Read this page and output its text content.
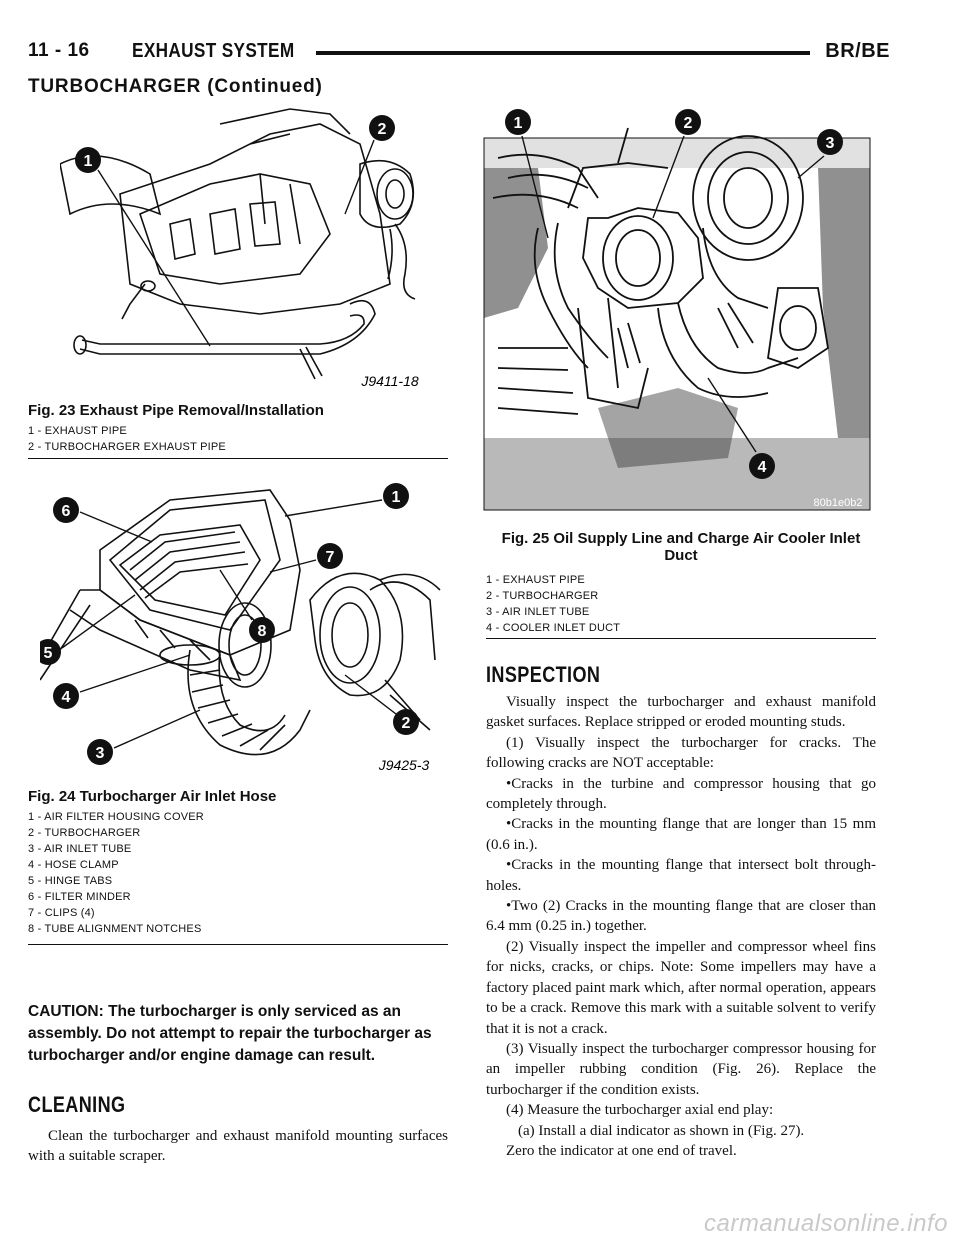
11 - 16 EXHAUST SYSTEM	BR/BE
TURBOCHARGER (Continued)
1
2
J9411-18
Fig. 23 Exhaust Pipe Removal/Installation
1 - EXHAUST PIPE
2 - TURBOCHARGER EXHAUST PIPE
1
2
3
4
5
6
7
8
J9425-3
Fig. 24 Turbocharger Air Inlet Hose
1 - AIR FILTER HOUSING COVER
2 - TURBOCHARGER
3 - AIR INLET TUBE
4 - HOSE CLAMP
5 - HINGE TABS
6 - FILTER MINDER
7 - CLIPS (4)
8 - TUBE ALIGNMENT NOTCHES
CAUTION: The turbocharger is only serviced as an assembly. Do not attempt to repair the turbocharger as turbocharger and/or engine damage can result.
CLEANING

Clean the turbocharger and exhaust manifold mounting surfaces with a suitable scraper.

1	2
3
4
80b1e0b2
Fig. 25 Oil Supply Line and Charge Air Cooler Inlet
Duct
1 - EXHAUST PIPE
2 - TURBOCHARGER
3 - AIR INLET TUBE
4 - COOLER INLET DUCT
INSPECTION

Visually inspect the turbocharger and exhaust manifold gasket surfaces. Replace stripped or eroded mounting studs.

(1) Visually inspect the turbocharger for cracks. The following cracks are NOT acceptable:

•Cracks in the turbine and compressor housing that go completely through.

•Cracks in the mounting flange that are longer than 15 mm (0.6 in.).

•Cracks in the mounting flange that intersect bolt through-holes.

•Two (2) Cracks in the mounting flange that are closer than 6.4 mm (0.25 in.) together.

(2) Visually inspect the impeller and compressor wheel fins for nicks, cracks, or chips. Note: Some impellers may have a factory placed paint mark which, after normal operation, appears to be a crack. Remove this mark with a suitable solvent to verify that it is not a crack.

(3) Visually inspect the turbocharger compressor housing for an impeller rubbing condition (Fig. 26). Replace the turbocharger if the condition exists.

(4) Measure the turbocharger axial end play:

(a) Install a dial indicator as shown in (Fig. 27).

Zero the indicator at one end of travel.

carmanualsonline.info
